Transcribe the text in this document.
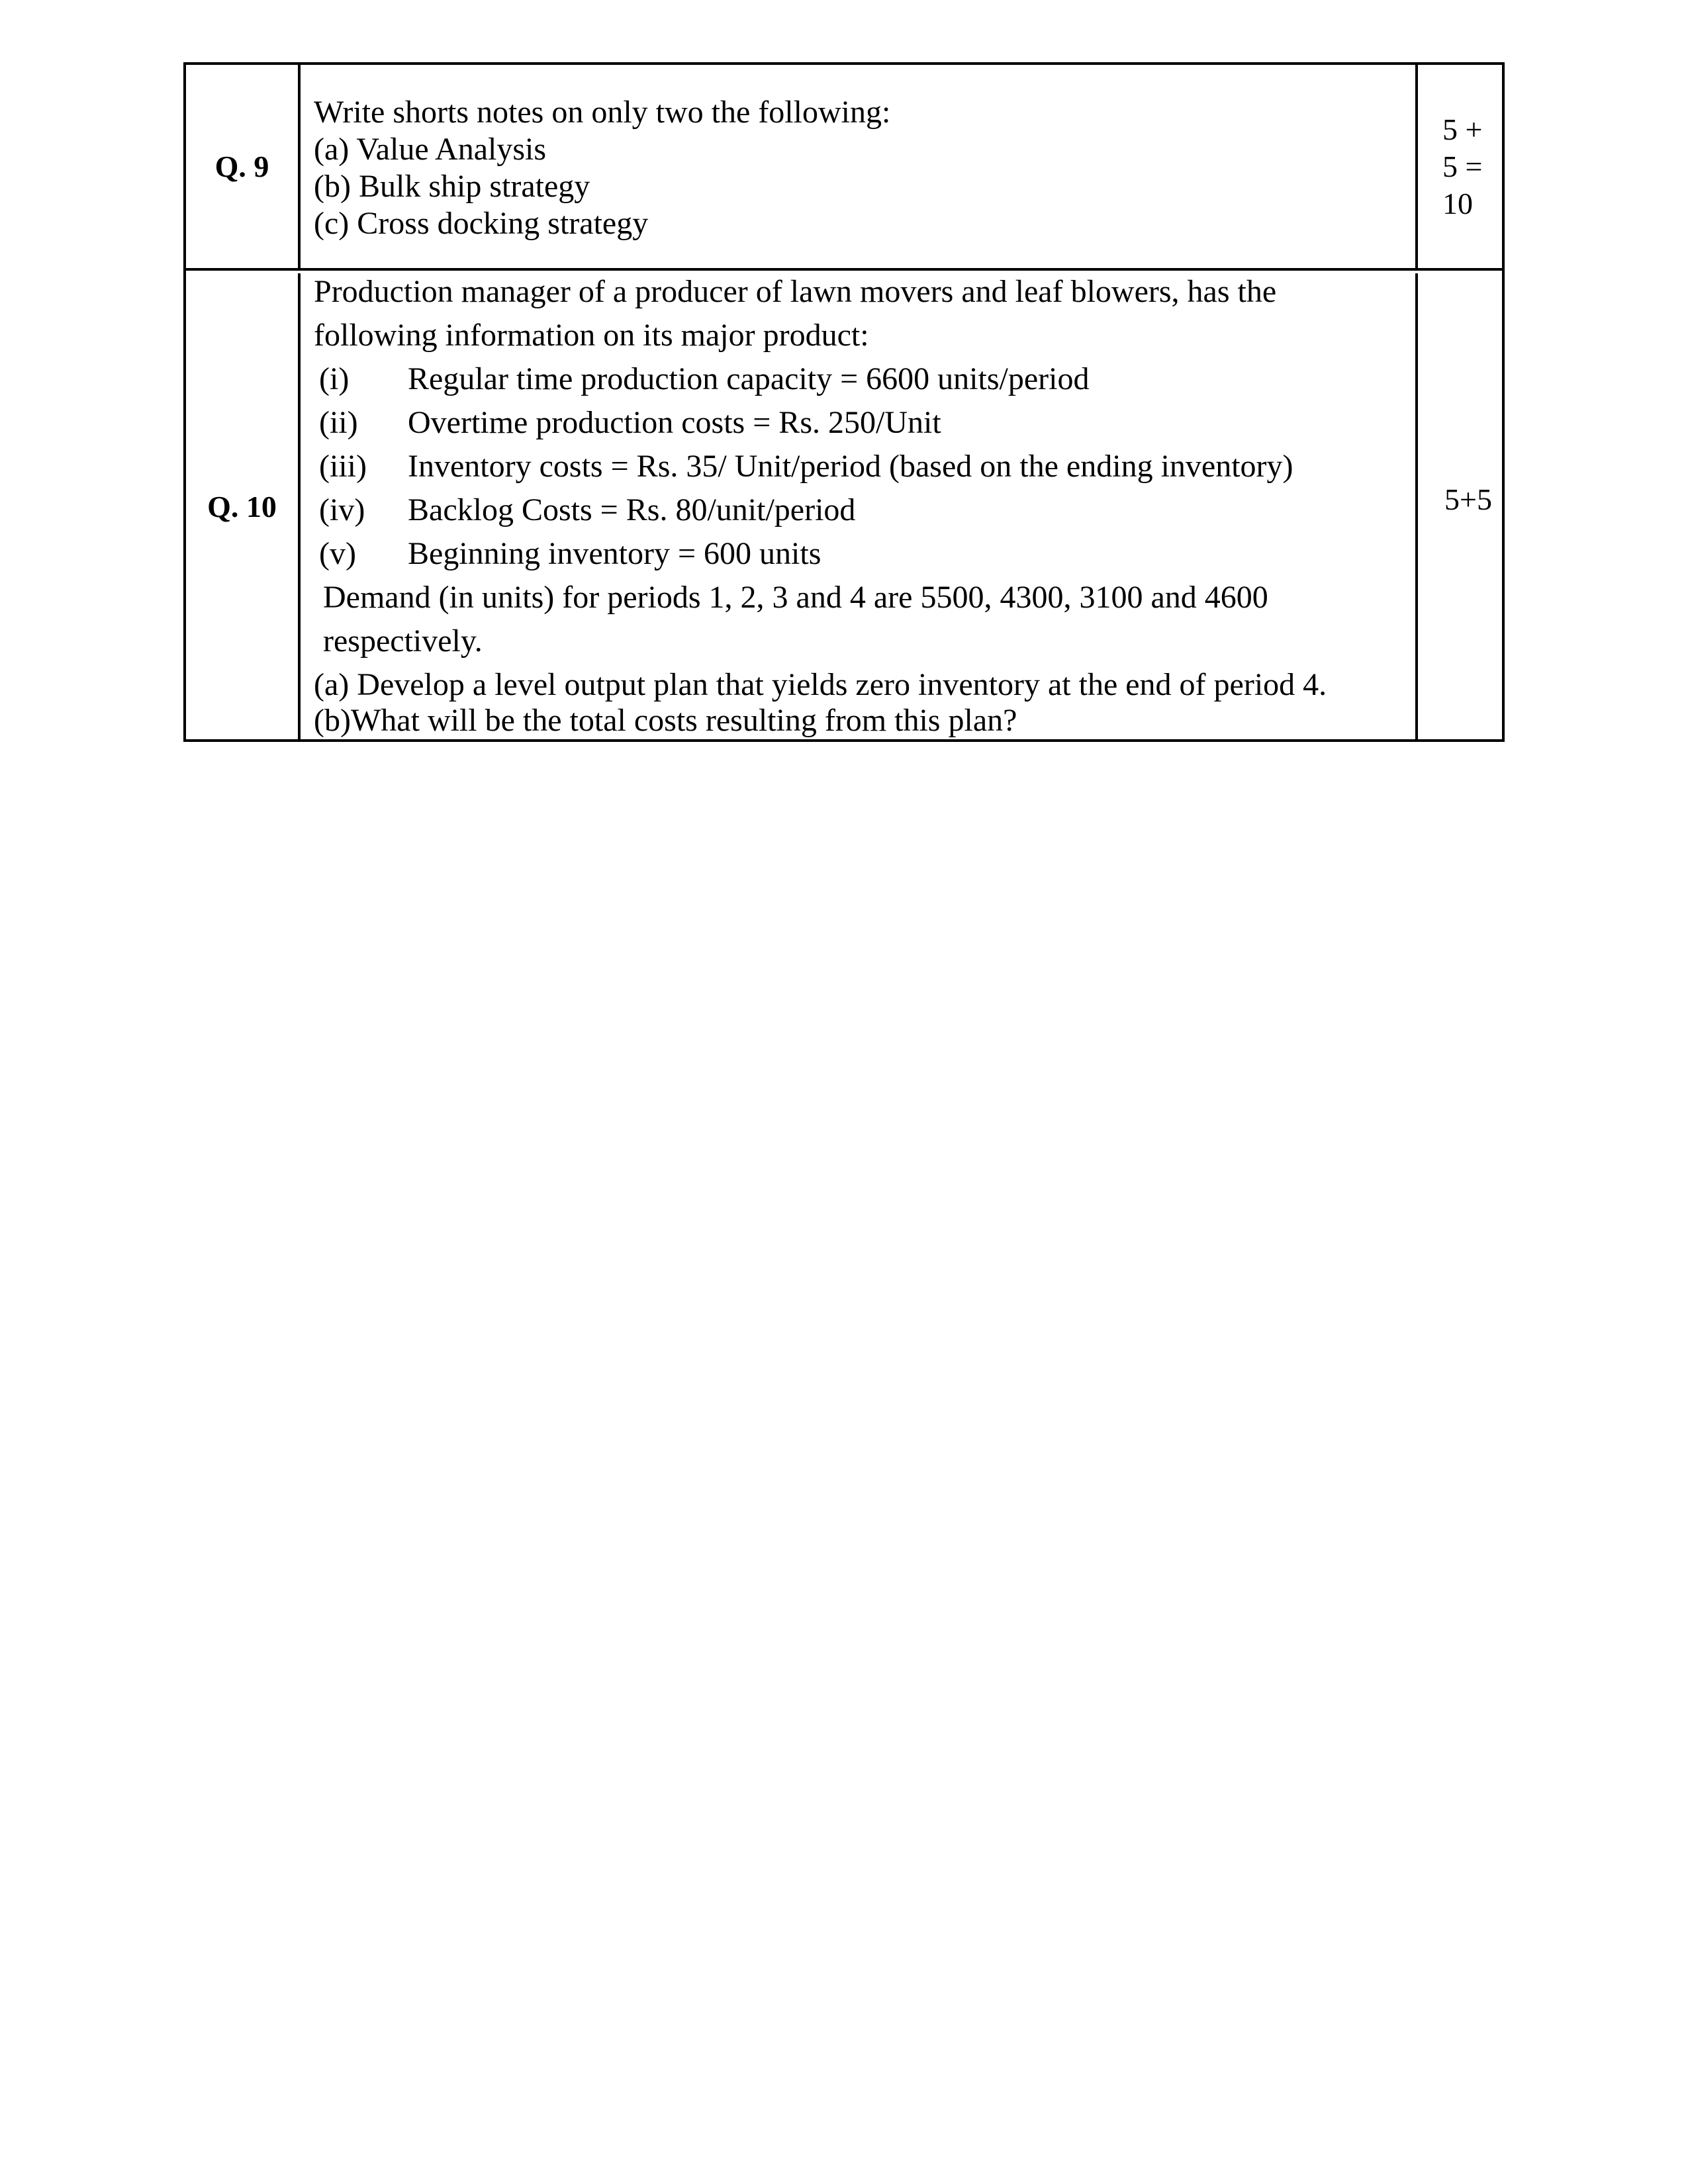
Q. 9
Write shorts notes on only two the following:
(a) Value Analysis
(b) Bulk ship strategy
(c) Cross docking strategy
5 +
5 =
10
Q. 10
Production manager of a producer of lawn movers and leaf blowers, has the
following information on its major product:
(i) Regular time production capacity = 6600 units/period
(ii) Overtime production costs = Rs. 250/Unit
(iii) Inventory costs = Rs. 35/ Unit/period (based on the ending inventory)
(iv) Backlog Costs = Rs. 80/unit/period
(v) Beginning inventory = 600 units
Demand (in units) for periods 1, 2, 3 and 4 are 5500, 4300, 3100 and 4600
respectively.
(a) Develop a level output plan that yields zero inventory at the end of period 4.
(b)What will be the total costs resulting from this plan?
5+5
